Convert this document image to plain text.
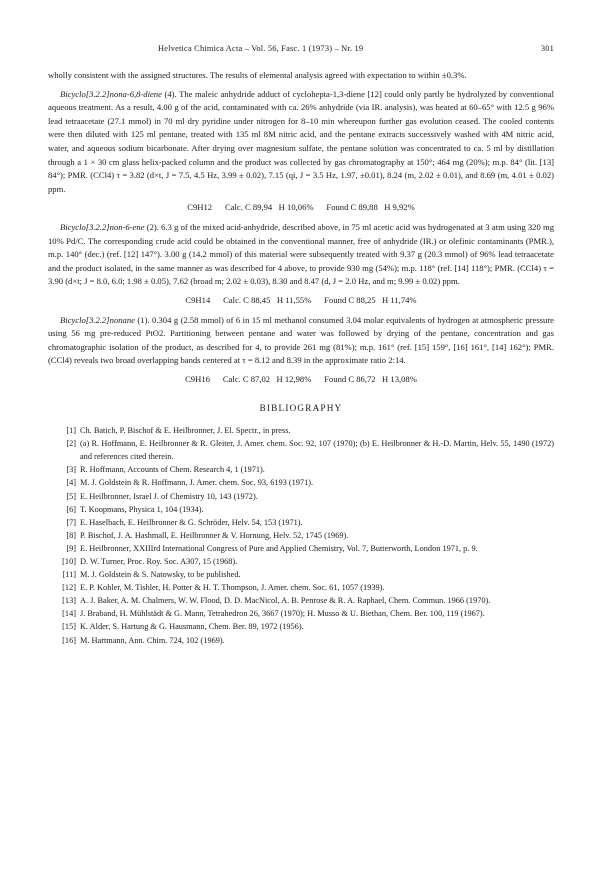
Helvetica Chimica Acta – Vol. 56, Fasc. 1 (1973) – Nr. 19	301

wholly consistent with the assigned structures. The results of elemental analysis agreed with expectation to within ±0.3%.

Bicyclo[3.2.2]nona-6,8-diene (4). The maleic anhydride adduct of cyclohepta-1,3-diene [12] could only partly be hydrolyzed by conventional aqueous treatment. As a result, 4.00 g of the acid, contaminated with ca. 26% anhydride (via IR. analysis), was heated at 60–65° with 12.5 g 96% lead tetraacetate (27.1 mmol) in 70 ml dry pyridine under nitrogen for 8–10 min whereupon further gas evolution ceased. The cooled contents were then diluted with 125 ml pentane, treated with 135 ml 8M nitric acid, and the pentane extracts successively washed with 4M nitric acid, water, and aqueous sodium bicarbonate. After drying over magnesium sulfate, the pentane solution was concentrated to ca. 5 ml by distillation through a 1 × 30 cm glass helix-packed column and the product was collected by gas chromatography at 150°; 464 mg (20%); m.p. 84° (lit. [13] 84°); PMR. (CCl4) τ = 3.82 (d×t, J = 7.5, 4.5 Hz, 3.99 ± 0.02), 7.15 (qi, J = 3.5 Hz, 1.97, ±0.01), 8.24 (m, 2.02 ± 0.01), and 8.69 (m, 4.01 ± 0.02) ppm.

C9H12 Calc. C 89,94   H 10,06% Found C 89,88   H 9,92%

Bicyclo[3.2.2]non-6-ene (2). 6.3 g of the mixed acid-anhydride, described above, in 75 ml acetic acid was hydrogenated at 3 atm using 320 mg 10% Pd/C. The corresponding crude acid could be obtained in the conventional manner, free of anhydride (IR.) or olefinic contaminants (PMR.), m.p. 140° (dec.) (ref. [12] 147°). 3.00 g (14.2 mmol) of this material were subsequently treated with 9.37 g (20.3 mmol) of 96% lead tetraacetate and the product isolated, in the same manner as was described for 4 above, to provide 930 mg (54%); m.p. 118° (ref. [14] 118°); PMR. (CCl4) τ = 3.90 (d×t; J = 8.0, 6.0; 1.98 ± 0.05), 7.62 (broad m; 2.02 ± 0.03), 8.30 and 8.47 (d, J = 2.0 Hz, and m; 9.99 ± 0.02) ppm.

C9H14 Calc. C 88,45   H 11,55% Found C 88,25   H 11,74%

Bicyclo[3.2.2]nonane (1). 0.304 g (2.58 mmol) of 6 in 15 ml methanol consumed 3.04 molar equivalents of hydrogen at atmospheric pressure using 56 mg pre-reduced PtO2. Partitioning between pentane and water was followed by drying of the pentane, concentration and gas chromatographic isolation of the product, as described for 4, to provide 261 mg (81%); m.p. 161° (ref. [15] 159°, [16] 161°, [14] 162°); PMR. (CCl4) reveals two broad overlapping bands centered at τ = 8.12 and 8.39 in the approximate ratio 2:14.

C9H16 Calc. C 87,02   H 12,98% Found C 86,72   H 13,08%
BIBLIOGRAPHY
[1] Ch. Batich, P. Bischof & E. Heilbronner, J. El. Spectr., in press.
[2] (a) R. Hoffmann, E. Heilbronner & R. Gleiter, J. Amer. chem. Soc. 92, 107 (1970); (b) E. Heilbronner & H.-D. Martin, Helv. 55, 1490 (1972) and references cited therein.
[3] R. Hoffmann, Accounts of Chem. Research 4, 1 (1971).
[4] M. J. Goldstein & R. Hoffmann, J. Amer. chem. Soc. 93, 6193 (1971).
[5] E. Heilbronner, Israel J. of Chemistry 10, 143 (1972).
[6] T. Koopmans, Physica 1, 104 (1934).
[7] E. Haselbach, E. Heilbronner & G. Schröder, Helv. 54, 153 (1971).
[8] P. Bischof, J. A. Hashmall, E. Heilbronner & V. Hornung, Helv. 52, 1745 (1969).
[9] E. Heilbronner, XXIIIrd International Congress of Pure and Applied Chemistry, Vol. 7, Butterworth, London 1971, p. 9.
[10] D. W. Turner, Proc. Roy. Soc. A307, 15 (1968).
[11] M. J. Goldstein & S. Natowsky, to be published.
[12] E. P. Kohler, M. Tishler, H. Potter & H. T. Thompson, J. Amer. chem. Soc. 61, 1057 (1939).
[13] A. J. Baker, A. M. Chalmers, W. W. Flood, D. D. MacNicol, A. B. Penrose & R. A. Raphael, Chem. Commun. 1966 (1970).
[14] J. Braband, H. Mühlstädt & G. Mann, Tetrahedron 26, 3667 (1970); H. Musso & U. Biethan, Chem. Ber. 100, 119 (1967).
[15] K. Alder, S. Hartung & G. Hausmann, Chem. Ber. 89, 1972 (1956).
[16] M. Hartmann, Ann. Chim. 724, 102 (1969).
